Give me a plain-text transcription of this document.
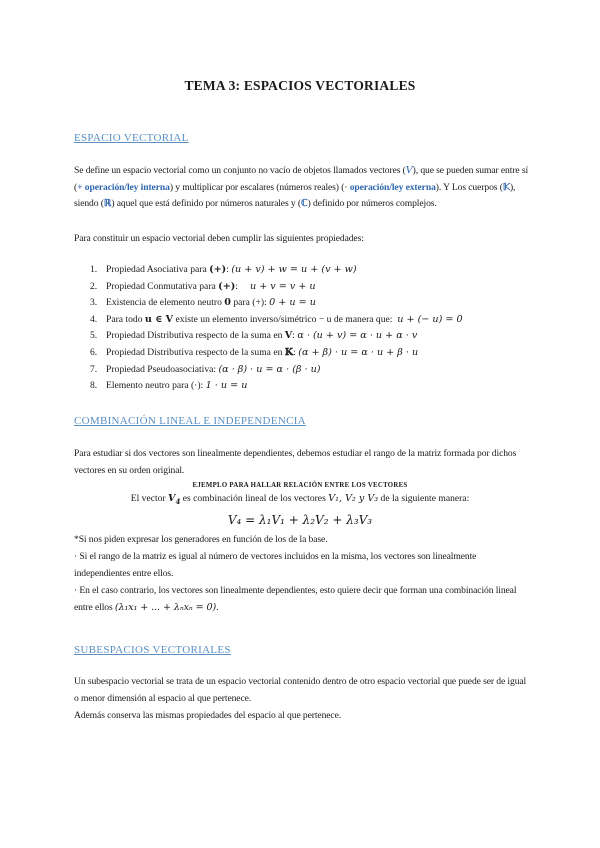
TEMA 3: ESPACIOS VECTORIALES
ESPACIO VECTORIAL
Se define un espacio vectorial como un conjunto no vacío de objetos llamados vectores (V), que se pueden sumar entre sí (+ operación/ley interna) y multiplicar por escalares (números reales) (· operación/ley externa). Y Los cuerpos (𝕂), siendo (ℝ) aquel que está definido por números naturales y (ℂ) definido por números complejos.
Para constituir un espacio vectorial deben cumplir las siguientes propiedades:
1. Propiedad Asociativa para (+): (u + v) + w = u + (v + w)
2. Propiedad Conmutativa para (+):     u + v = v + u
3. Existencia de elemento neutro 0 para (+): 0 + u = u
4. Para todo u ∈ V existe un elemento inverso/simétrico − u de manera que:  u + (− u) = 0
5. Propiedad Distributiva respecto de la suma en V: α · (u + v) = α · u + α · v
6. Propiedad Distributiva respecto de la suma en 𝕂: (α + β) · u = α · u + β · u
7. Propiedad Pseudoasociativa: (α · β) · u = α · (β · u)
8. Elemento neutro para (·): 1 · u = u
COMBINACIÓN LINEAL E INDEPENDENCIA
Para estudiar si dos vectores son linealmente dependientes, debemos estudiar el rango de la matriz formada por dichos vectores en su orden original.
EJEMPLO PARA HALLAR RELACIÓN ENTRE LOS VECTORES
El vector $V_4$ es combinación lineal de los vectores V₁, V₂ y V₃ de la siguiente manera:
V₄ = λ₁V₁ + λ₂V₂ + λ₃V₃
*Si nos piden expresar los generadores en función de los de la base.
· Si el rango de la matriz es igual al número de vectores incluidos en la misma, los vectores son linealmente independientes entre ellos.
· En el caso contrario, los vectores son linealmente dependientes, esto quiere decir que forman una combinación lineal entre ellos (λ₁x₁ + ... + λₙxₙ = 0).
SUBESPACIOS VECTORIALES
Un subespacio vectorial se trata de un espacio vectorial contenido dentro de otro espacio vectorial que puede ser de igual o menor dimensión al espacio al que pertenece.
Además conserva las mismas propiedades del espacio al que pertenece.
